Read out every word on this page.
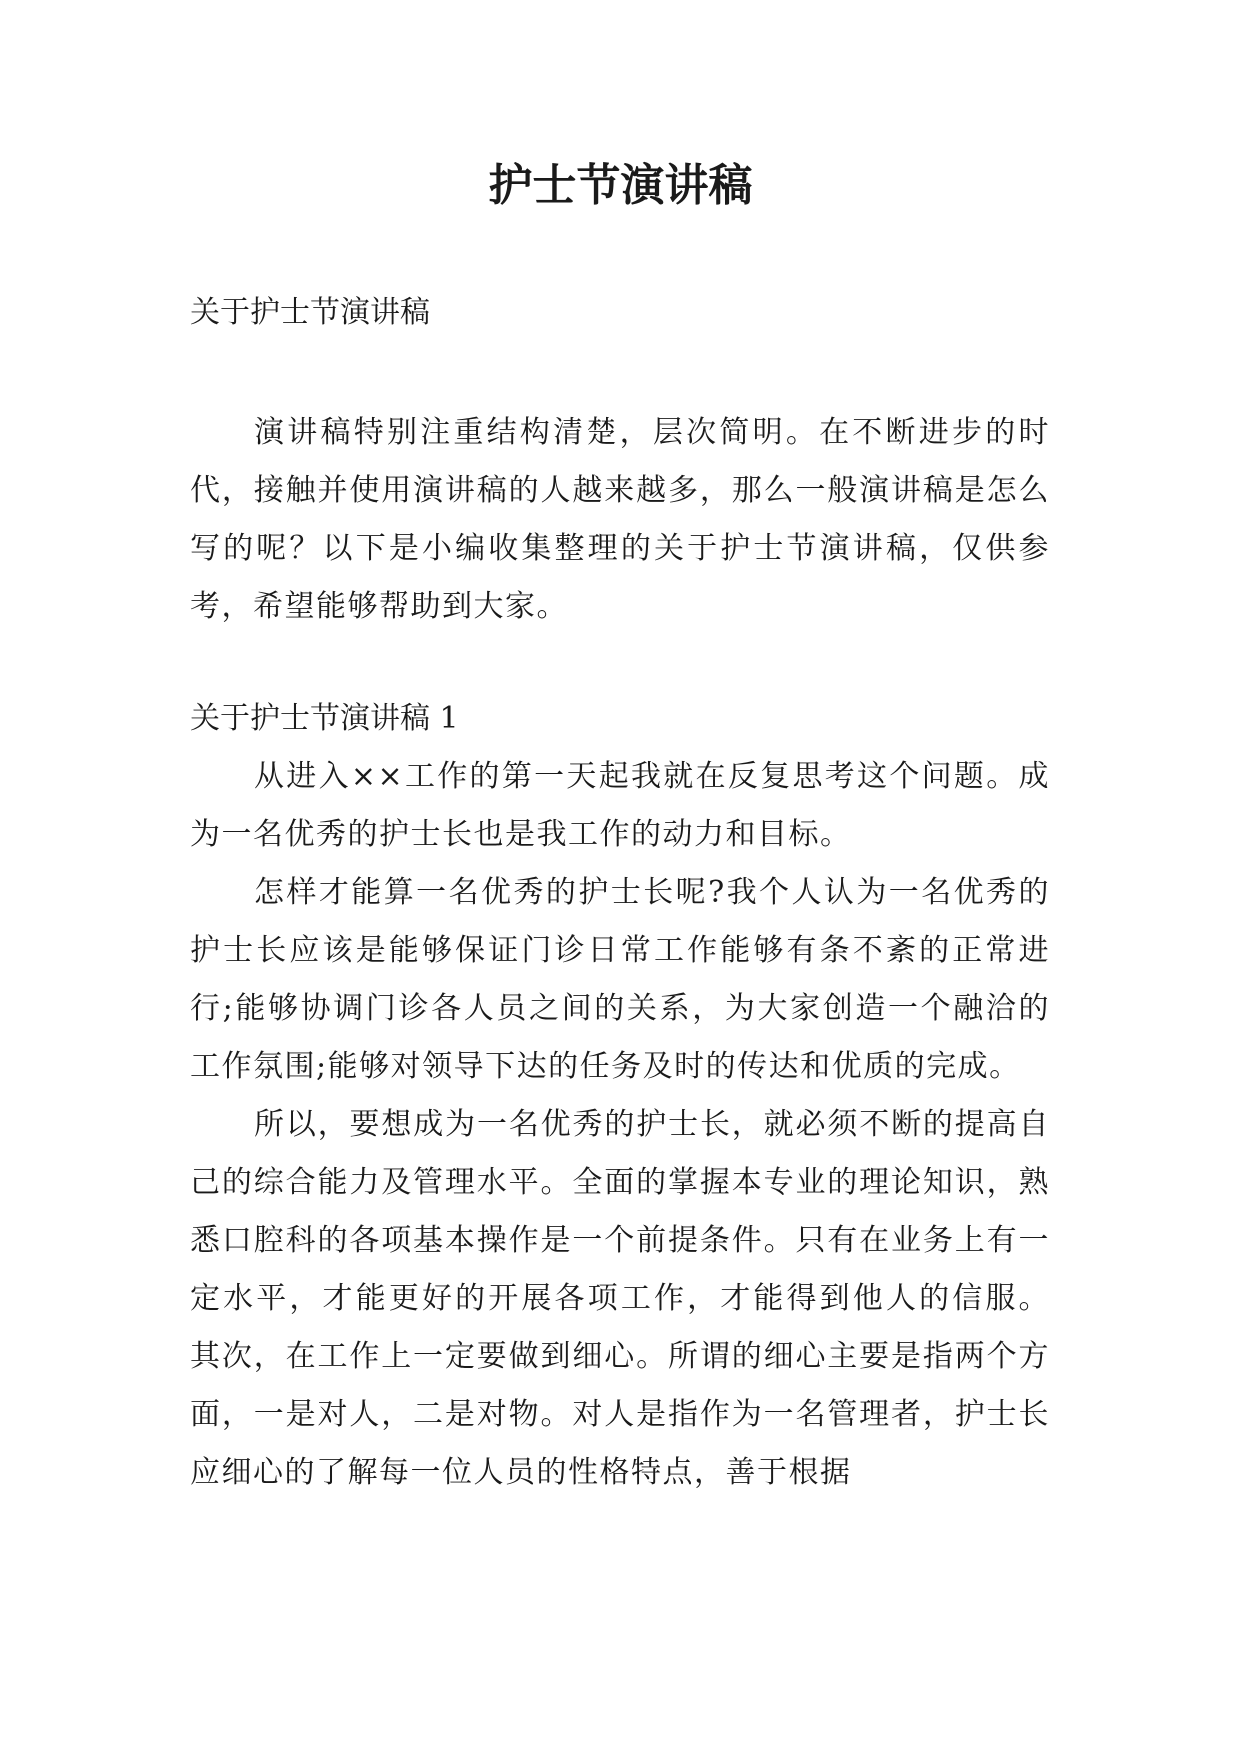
护士节演讲稿

关于护士节演讲稿

演讲稿特别注重结构清楚，层次简明。在不断进步的时代，接触并使用演讲稿的人越来越多，那么一般演讲稿是怎么写的呢？以下是小编收集整理的关于护士节演讲稿，仅供参考，希望能够帮助到大家。

关于护士节演讲稿 1

从进入××工作的第一天起我就在反复思考这个问题。成为一名优秀的护士长也是我工作的动力和目标。

怎样才能算一名优秀的护士长呢?我个人认为一名优秀的护士长应该是能够保证门诊日常工作能够有条不紊的正常进行;能够协调门诊各人员之间的关系，为大家创造一个融洽的工作氛围;能够对领导下达的任务及时的传达和优质的完成。

所以，要想成为一名优秀的护士长，就必须不断的提高自己的综合能力及管理水平。全面的掌握本专业的理论知识，熟悉口腔科的各项基本操作是一个前提条件。只有在业务上有一定水平，才能更好的开展各项工作，才能得到他人的信服。 其次，在工作上一定要做到细心。所谓的细心主要是指两个方面，一是对人，二是对物。对人是指作为一名管理者，护士长应细心的了解每一位人员的性格特点，善于根据
